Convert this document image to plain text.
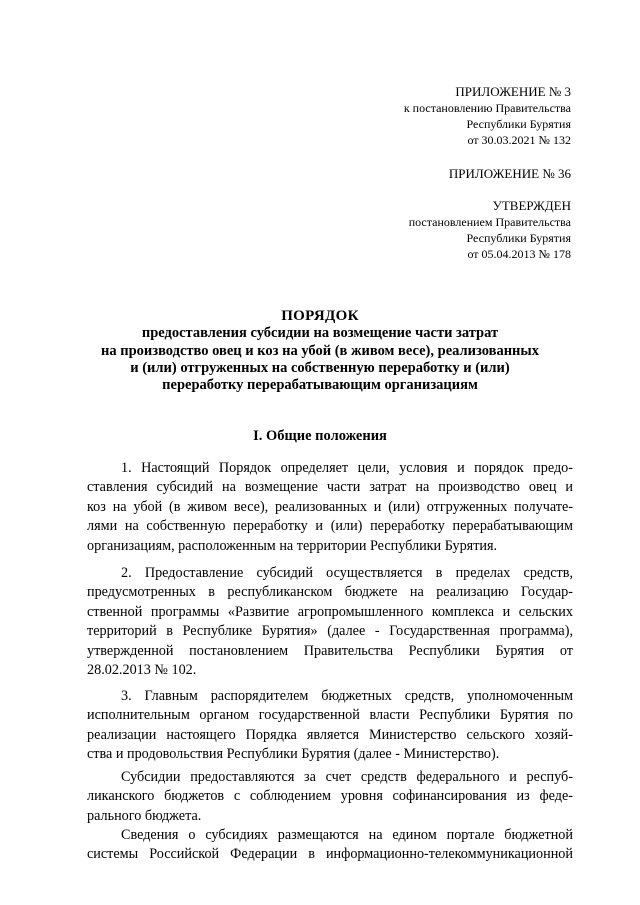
ПРИЛОЖЕНИЕ № 3
к постановлению Правительства
Республики Бурятия
от 30.03.2021 № 132
ПРИЛОЖЕНИЕ № 36
УТВЕРЖДЕН
постановлением Правительства
Республики Бурятия
от 05.04.2013 № 178
ПОРЯДОК
предоставления субсидии на возмещение части затрат
на производство овец и коз на убой (в живом весе), реализованных
и (или) отгруженных на собственную переработку и (или)
переработку перерабатывающим организациям
I. Общие положения
1. Настоящий Порядок определяет цели, условия и порядок предо-
ставления субсидий на возмещение части затрат на производство овец и
коз на убой (в живом весе), реализованных и (или) отгруженных получате-
лями на собственную переработку и (или) переработку перерабатывающим
организациям, расположенным на территории Республики Бурятия.
2. Предоставление субсидий осуществляется в пределах средств,
предусмотренных в республиканском бюджете на реализацию Государ-
ственной программы «Развитие агропромышленного комплекса и сельских
территорий в Республике Бурятия» (далее - Государственная программа),
утвержденной постановлением Правительства Республики Бурятия от
28.02.2013 № 102.
3. Главным распорядителем бюджетных средств, уполномоченным
исполнительным органом государственной власти Республики Бурятия по
реализации настоящего Порядка является Министерство сельского хозяй-
ства и продовольствия Республики Бурятия (далее - Министерство).
Субсидии предоставляются за счет средств федерального и респуб-
ликанского бюджетов с соблюдением уровня софинансирования из феде-
рального бюджета.
Сведения о субсидиях размещаются на едином портале бюджетной
системы Российской Федерации в информационно-телекоммуникационной
